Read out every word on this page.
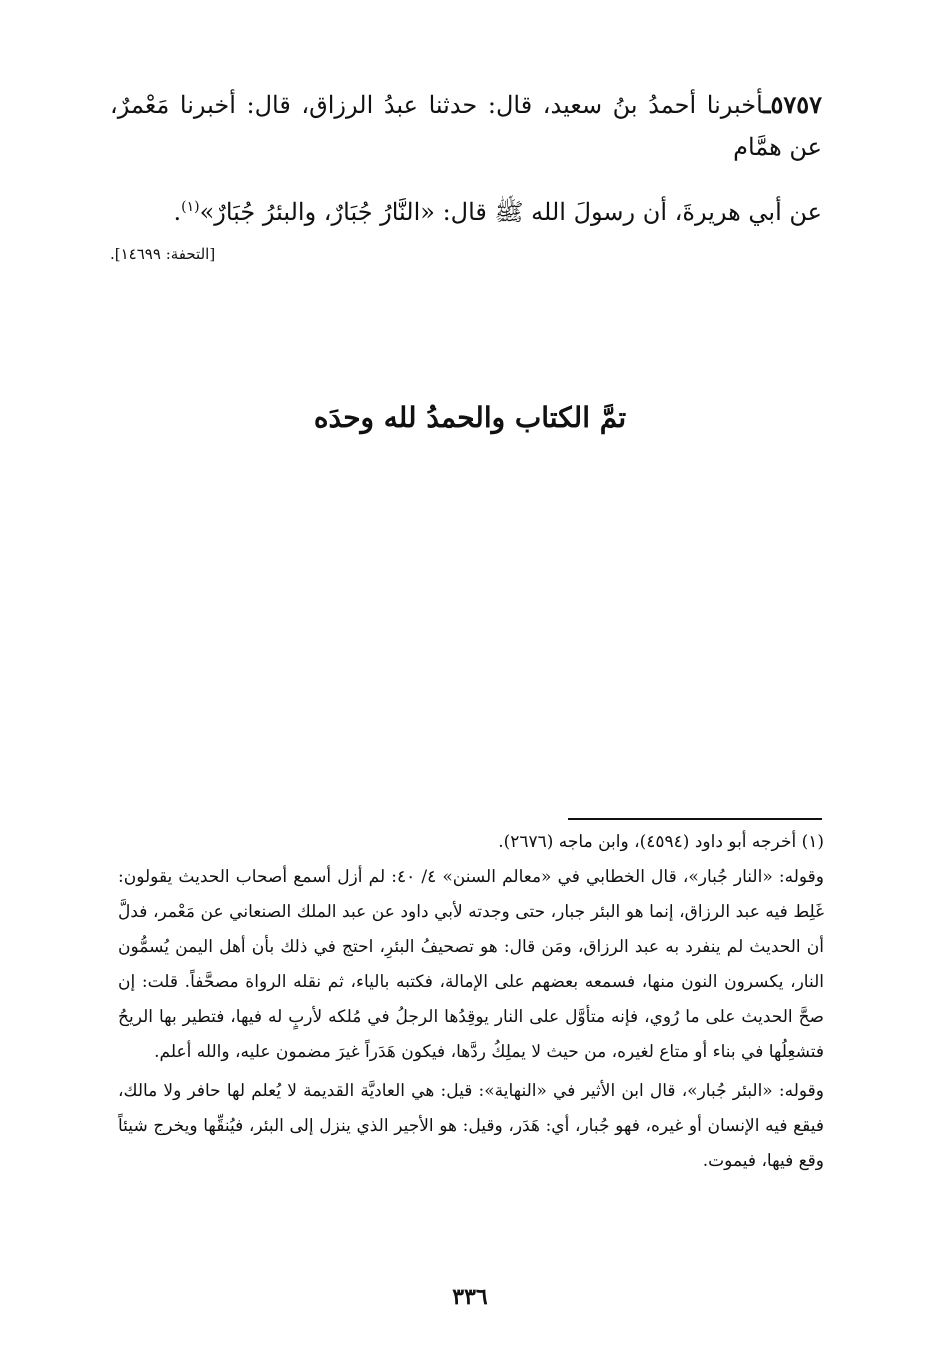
٥٧٥٧ـأخبرنا أحمدُ بنُ سعيد، قال: حدثنا عبدُ الرزاق، قال: أخبرنا مَعْمرٌ، عن همَّام
عن أبي هريرةَ، أن رسولَ الله ﷺ قال: «النَّارُ جُبَارٌ، والبئرُ جُبَارٌ»$^{(١)}$.
[التحفة: ١٤٦٩٩].
تمَّ الكتاب والحمدُ لله وحدَه

(١) أخرجه أبو داود (٤٥٩٤)، وابن ماجه (٢٦٧٦).

وقوله: «النار جُبار»، قال الخطابي في «معالم السنن» ٤/ ٤٠: لم أزل أسمع أصحاب الحديث يقولون: غَلِط فيه عبد الرزاق، إنما هو البئر جبار، حتى وجدته لأبي داود عن عبد الملك الصنعاني عن مَعْمر، فدلَّ أن الحديث لم ينفرد به عبد الرزاق، ومَن قال: هو تصحيفُ البئرِ، احتج في ذلك بأن أهل اليمن يُسمُّون النار، يكسرون النون منها، فسمعه بعضهم على الإمالة، فكتبه بالياء، ثم نقله الرواة مصحَّفاً. قلت: إن صحَّ الحديث على ما رُوي، فإنه متأوَّل على النار يوقِدُها الرجلُ في مُلكه لأربٍ له فيها، فتطير بها الريحُ فتشعِلُها في بناء أو متاع لغيره، من حيث لا يملِكُ ردَّها، فيكون هَدَراً غيرَ مضمون عليه، والله أعلم.

وقوله: «البئر جُبار»، قال ابن الأثير في «النهاية»: قيل: هي العاديَّة القديمة لا يُعلم لها حافر ولا مالك، فيقع فيه الإنسان أو غيره، فهو جُبار، أي: هَدَر، وقيل: هو الأجير الذي ينزل إلى البئر، فيُنقِّها ويخرج شيئاً وقع فيها، فيموت.

٣٣٦
